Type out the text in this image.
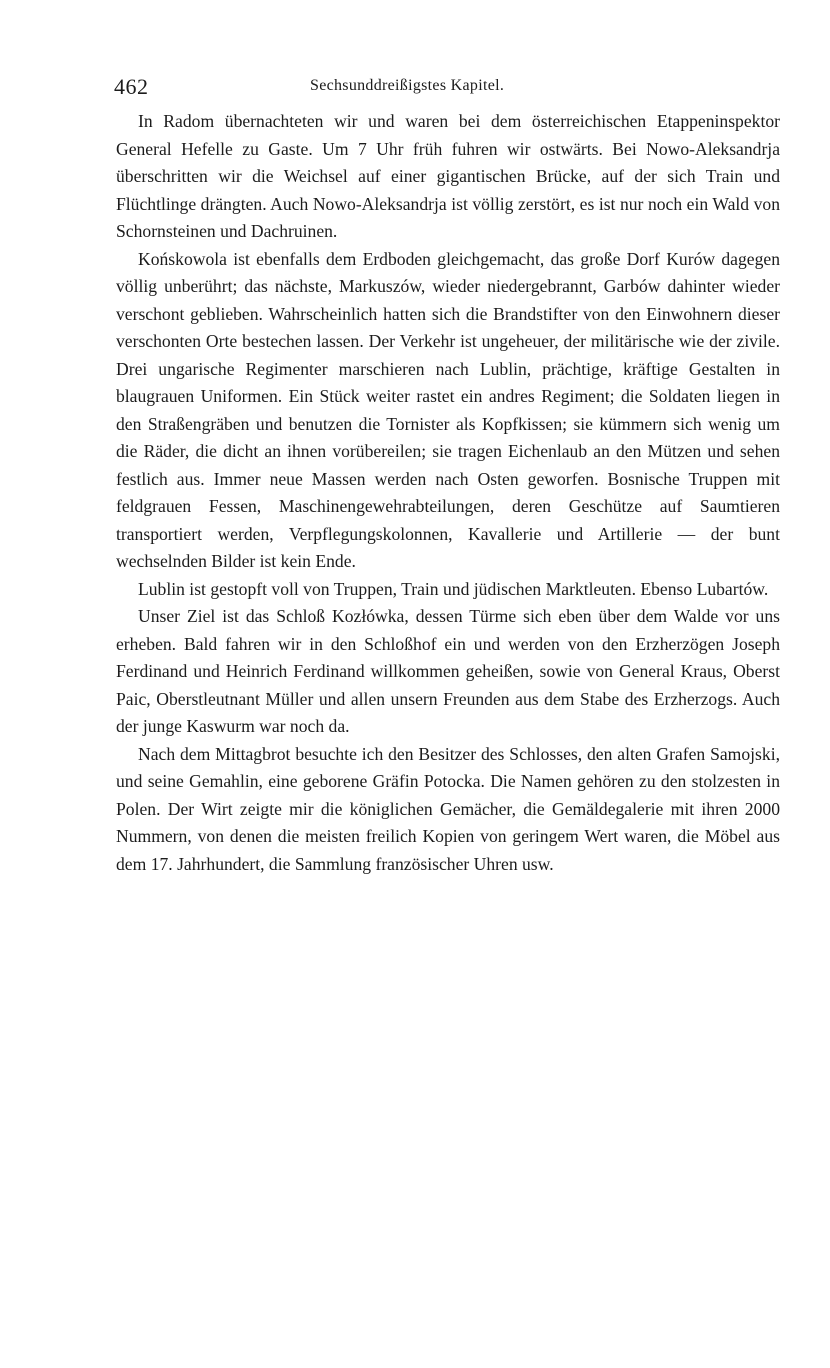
462	Sechsunddreißigstes Kapitel.

In Radom übernachteten wir und waren bei dem österreichischen Etappeninspektor General Hefelle zu Gaste. Um 7 Uhr früh fuhren wir ostwärts. Bei Nowo-Aleksandrja überschritten wir die Weichsel auf einer gigantischen Brücke, auf der sich Train und Flüchtlinge drängten. Auch Nowo-Aleksandrja ist völlig zerstört, es ist nur noch ein Wald von Schornsteinen und Dachruinen.

Końskowola ist ebenfalls dem Erdboden gleichgemacht, das große Dorf Kurów dagegen völlig unberührt; das nächste, Markuszów, wieder niedergebrannt, Garbów dahinter wieder verschont geblieben. Wahrscheinlich hatten sich die Brandstifter von den Einwohnern dieser verschonten Orte bestechen lassen. Der Verkehr ist ungeheuer, der militärische wie der zivile. Drei ungarische Regimenter marschieren nach Lublin, prächtige, kräftige Gestalten in blaugrauen Uniformen. Ein Stück weiter rastet ein andres Regiment; die Soldaten liegen in den Straßengräben und benutzen die Tornister als Kopfkissen; sie kümmern sich wenig um die Räder, die dicht an ihnen vorübereilen; sie tragen Eichenlaub an den Mützen und sehen festlich aus. Immer neue Massen werden nach Osten geworfen. Bosnische Truppen mit feldgrauen Fessen, Maschinengewehrabteilungen, deren Geschütze auf Saumtieren transportiert werden, Verpflegungskolonnen, Kavallerie und Artillerie — der bunt wechselnden Bilder ist kein Ende.

Lublin ist gestopft voll von Truppen, Train und jüdischen Marktleuten. Ebenso Lubartów.

Unser Ziel ist das Schloß Kozłówka, dessen Türme sich eben über dem Walde vor uns erheben. Bald fahren wir in den Schloßhof ein und werden von den Erzherzögen Joseph Ferdinand und Heinrich Ferdinand willkommen geheißen, sowie von General Kraus, Oberst Paic, Oberstleutnant Müller und allen unsern Freunden aus dem Stabe des Erzherzogs. Auch der junge Kaswurm war noch da.

Nach dem Mittagbrot besuchte ich den Besitzer des Schlosses, den alten Grafen Samojski, und seine Gemahlin, eine geborene Gräfin Potocka. Die Namen gehören zu den stolzesten in Polen. Der Wirt zeigte mir die königlichen Gemächer, die Gemäldegalerie mit ihren 2000 Nummern, von denen die meisten freilich Kopien von geringem Wert waren, die Möbel aus dem 17. Jahrhundert, die Sammlung französischer Uhren usw.
